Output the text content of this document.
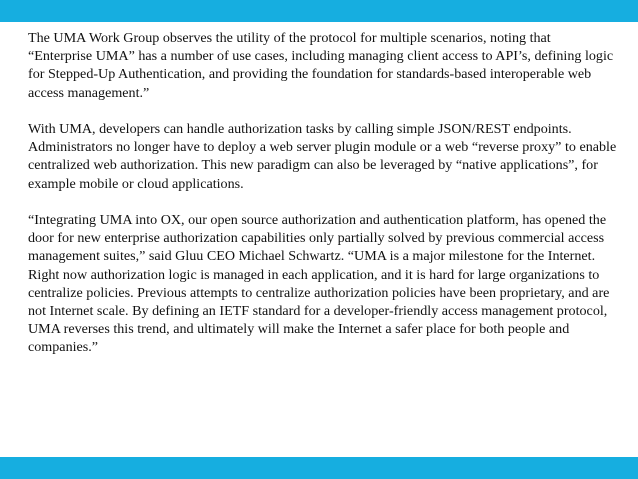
The UMA Work Group observes the utility of the protocol for multiple scenarios, noting that “Enterprise UMA” has a number of use cases, including managing client access to API’s, defining logic for Stepped-Up Authentication, and providing the foundation for standards-based interoperable web access management.”

With UMA, developers can handle authorization tasks by calling simple JSON/REST endpoints. Administrators no longer have to deploy a web server plugin module or a web “reverse proxy” to enable centralized web authorization. This new paradigm can also be leveraged by “native applications”, for example mobile or cloud applications.

“Integrating UMA into OX, our open source authorization and authentication platform, has opened the door for new enterprise authorization capabilities only partially solved by previous commercial access management suites,” said Gluu CEO Michael Schwartz. “UMA is a major milestone for the Internet. Right now authorization logic is managed in each application, and it is hard for large organizations to centralize policies. Previous attempts to centralize authorization policies have been proprietary, and are not Internet scale. By defining an IETF standard for a developer-friendly access management protocol, UMA reverses this trend, and ultimately will make the Internet a safer place for both people and companies.”
